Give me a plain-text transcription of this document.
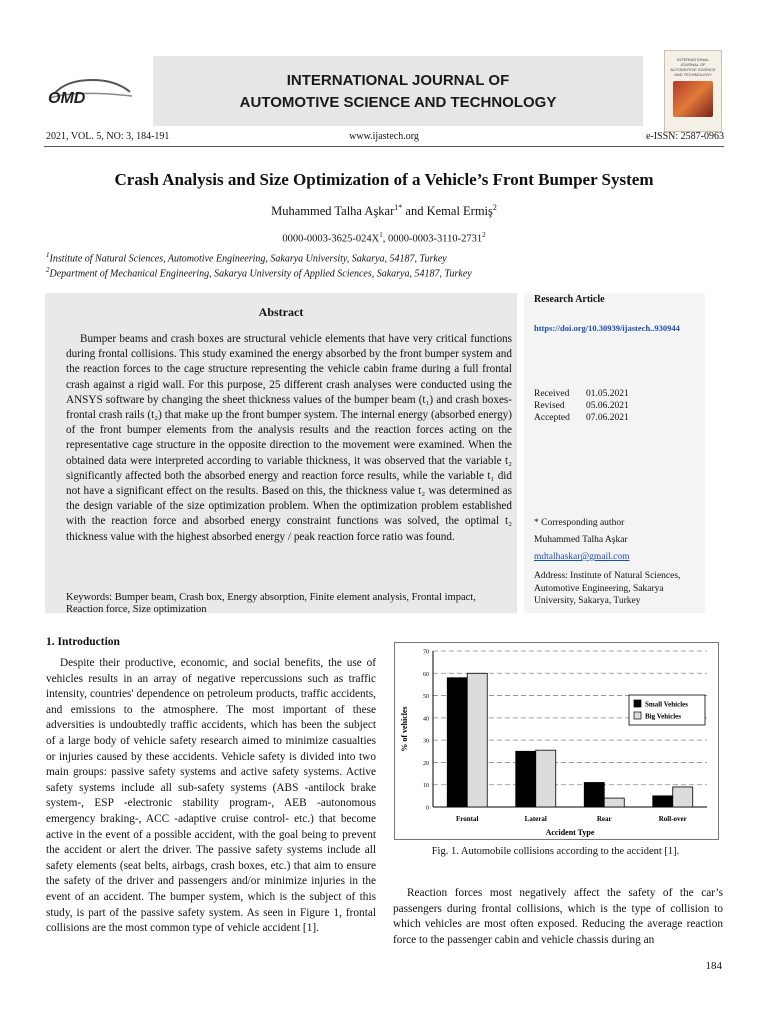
OMD
INTERNATIONAL JOURNAL OF
AUTOMOTIVE SCIENCE AND TECHNOLOGY
INTERNATIONAL JOURNAL OF AUTOMOTIVE SCIENCE AND TECHNOLOGY
2021, VOL. 5, NO: 3, 184-191	www.ijastech.org	e-ISSN: 2587-0963
Crash Analysis and Size Optimization of a Vehicle’s Front Bumper System
Muhammed Talha Aşkar$^{1*}$ and Kemal Ermiş$^2$
$0000-0003-3625-024X^1$, 0000-0003-3110-2731$^2$
$^1$Institute of Natural Sciences, Automotive Engineering, Sakarya University, Sakarya, 54187, Turkey
$^2$Department of Mechanical Engineering, Sakarya University of Applied Sciences, Sakarya, 54187, Turkey
Abstract
Bumper beams and crash boxes are structural vehicle elements that have very critical functions during frontal collisions. This study examined the energy absorbed by the front bumper system and the reaction forces to the cage structure representing the vehicle cabin frame during a full frontal crash against a rigid wall. For this purpose, 25 different crash analyses were conducted using the ANSYS software by changing the sheet thickness values of the bumper beam (t₁) and crash boxes-frontal crash rails (t₂) that make up the front bumper system. The internal energy (absorbed energy) of the front bumper elements from the analysis results and the reaction forces acting on the representative cage structure in the opposite direction to the movement were examined. When the obtained data were interpreted according to variable thickness, it was observed that the variable t₂ significantly affected both the absorbed energy and reaction force results, while the variable t₁ did not have a significant effect on the results. Based on this, the thickness value t₂ was determined as the design variable of the size optimization problem. When the optimization problem established with the reaction force and absorbed energy constraint functions was solved, the optimal t₂ thickness value with the highest absorbed energy / peak reaction force ratio was found.
Keywords: Bumper beam, Crash box, Energy absorption, Finite element analysis, Frontal impact, Reaction force, Size optimization
Research Article
https://doi.org/10.30939/ijastech..930944
Received 01.05.2021
Revised 05.06.2021
Accepted 07.06.2021
* Corresponding author
Muhammed Talha Aşkar
mdtalhaskar@gmail.com
Address: Institute of Natural Sciences, Automotive Engineering, Sakarya University, Sakarya, Turkey
1. Introduction
Despite their productive, economic, and social benefits, the use of vehicles results in an array of negative repercussions such as traffic intensity, countries' dependence on petroleum products, traffic accidents, and emissions to the atmosphere. The most important of these adversities is undoubtedly traffic accidents, which has been the subject of a large body of vehicle safety research aimed to minimize casualties or injuries caused by these accidents. Vehicle safety is divided into two main groups: passive safety systems and active safety systems. Active safety systems include all sub-safety systems (ABS -antilock brake system-, ESP -electronic stability program-, AEB -autonomous emergency braking-, ACC -adaptive cruise control- etc.) that become active in the event of a possible accident, with the goal being to prevent the accident or alert the driver. The passive safety systems include all safety elements (seat belts, airbags, crash boxes, etc.) that aim to ensure the safety of the driver and passengers and/or minimize injuries in the event of an accident. The bumper system, which is the subject of this study, is part of the passive safety system. As seen in Figure 1, frontal collisions are the most common type of vehicle accident [1].
0
10
20
30
40
50
60
70
Frontal	Lateral	Rear	Roll-over
Accident Type
% of vehicles
Small Vehicles
Big Vehicles
Fig. 1. Automobile collisions according to the accident [1].
Reaction forces most negatively affect the safety of the car’s passengers during frontal collisions, which is the type of collision to which vehicles are most often exposed. Reducing the average reaction force to the passenger cabin and vehicle chassis during an
184
